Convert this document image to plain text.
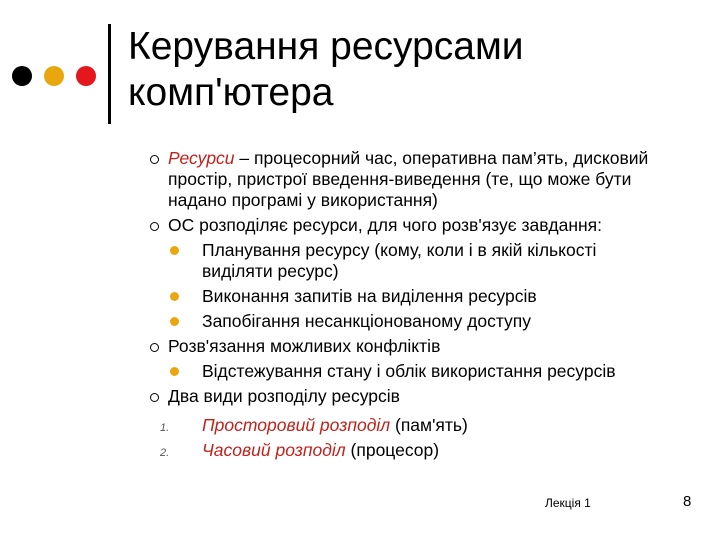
Керування ресурсами
комп'ютера
Ресурси – процесорний час, оперативна пам’ять, дисковий простір, пристрої введення-виведення (те, що може бути надано програмі у використання)
ОС розподіляє ресурси, для чого розв'язує завдання:
Планування ресурсу (кому, коли і в якій кількості виділяти ресурс)
Виконання запитів на виділення ресурсів
Запобігання несанкціонованому доступу
Розв'язання можливих конфліктів
Відстежування стану і облік використання ресурсів
Два види розподілу ресурсів
1. Просторовий розподіл (пам'ять)
2. Часовий розподіл (процесор)
Лекція 1	8
